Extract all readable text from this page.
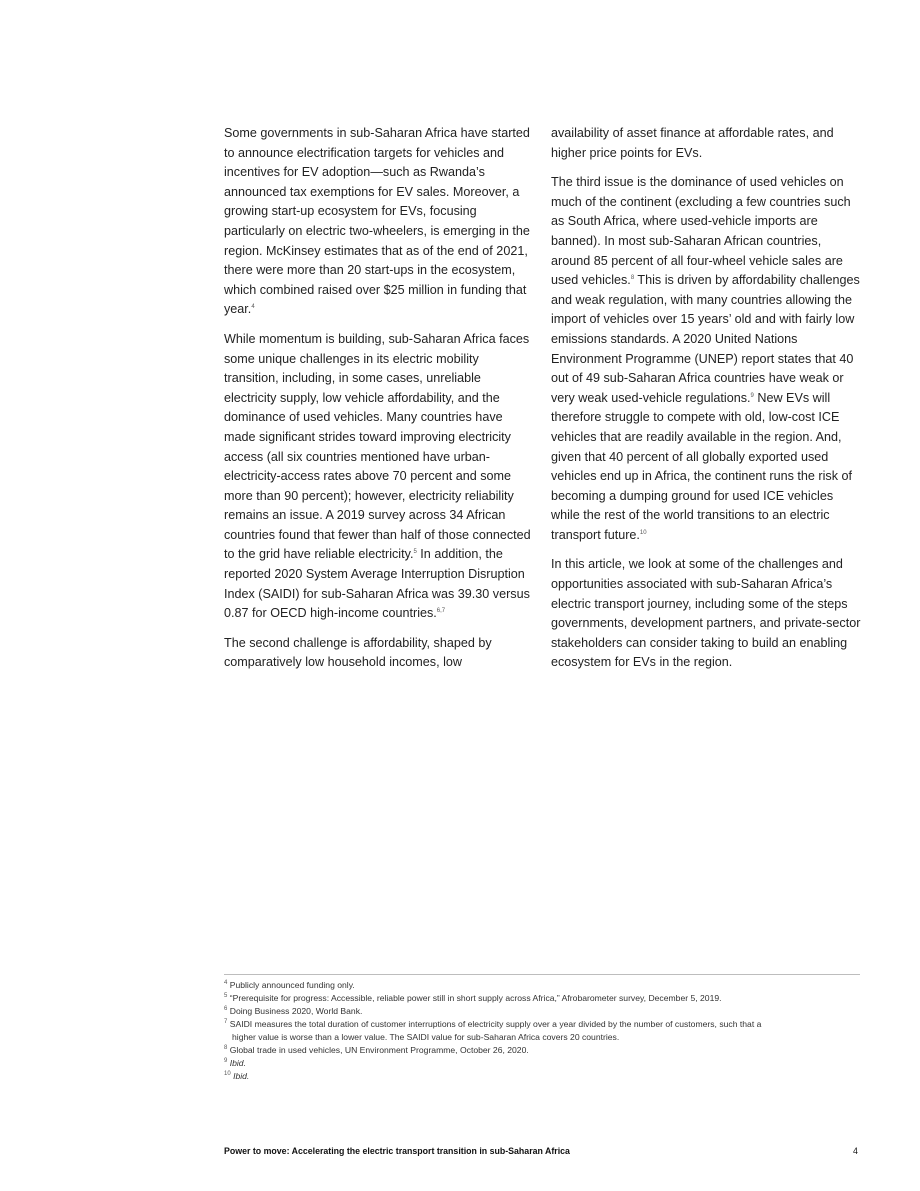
Some governments in sub-Saharan Africa have started to announce electrification targets for vehicles and incentives for EV adoption—such as Rwanda’s announced tax exemptions for EV sales. Moreover, a growing start-up ecosystem for EVs, focusing particularly on electric two-wheelers, is emerging in the region. McKinsey estimates that as of the end of 2021, there were more than 20 start-ups in the ecosystem, which combined raised over $25 million in funding that year.$^4$

While momentum is building, sub-Saharan Africa faces some unique challenges in its electric mobility transition, including, in some cases, unreliable electricity supply, low vehicle affordability, and the dominance of used vehicles. Many countries have made significant strides toward improving electricity access (all six countries mentioned have urban-electricity-access rates above 70 percent and some more than 90 percent); however, electricity reliability remains an issue. A 2019 survey across 34 African countries found that fewer than half of those connected to the grid have reliable electricity.$^5$ In addition, the reported 2020 System Average Interruption Disruption Index (SAIDI) for sub-Saharan Africa was 39.30 versus 0.87 for OECD high-income countries.$^{6,7}$

The second challenge is affordability, shaped by comparatively low household incomes, low

availability of asset finance at affordable rates, and higher price points for EVs.

The third issue is the dominance of used vehicles on much of the continent (excluding a few countries such as South Africa, where used-vehicle imports are banned). In most sub-Saharan African countries, around 85 percent of all four-wheel vehicle sales are used vehicles.$^8$ This is driven by affordability challenges and weak regulation, with many countries allowing the import of vehicles over 15 years’ old and with fairly low emissions standards. A 2020 United Nations Environment Programme (UNEP) report states that 40 out of 49 sub-Saharan Africa countries have weak or very weak used-vehicle regulations.$^9$ New EVs will therefore struggle to compete with old, low-cost ICE vehicles that are readily available in the region. And, given that 40 percent of all globally exported used vehicles end up in Africa, the continent runs the risk of becoming a dumping ground for used ICE vehicles while the rest of the world transitions to an electric transport future.$^{10}$

In this article, we look at some of the challenges and opportunities associated with sub-Saharan Africa’s electric transport journey, including some of the steps governments, development partners, and private-sector stakeholders can consider taking to build an enabling ecosystem for EVs in the region.

$^4$ Publicly announced funding only.

$^5$ “Prerequisite for progress: Accessible, reliable power still in short supply across Africa,” Afrobarometer survey, December 5, 2019.

$^6$ Doing Business 2020, World Bank.

$^7$ SAIDI measures the total duration of customer interruptions of electricity supply over a year divided by the number of customers, such that a

higher value is worse than a lower value. The SAIDI value for sub-Saharan Africa covers 20 countries.

$^8$ Global trade in used vehicles, UN Environment Programme, October 26, 2020.

$^9$ Ibid.

$^{10}$ Ibid.

Power to move: Accelerating the electric transport transition in sub-Saharan Africa	4
